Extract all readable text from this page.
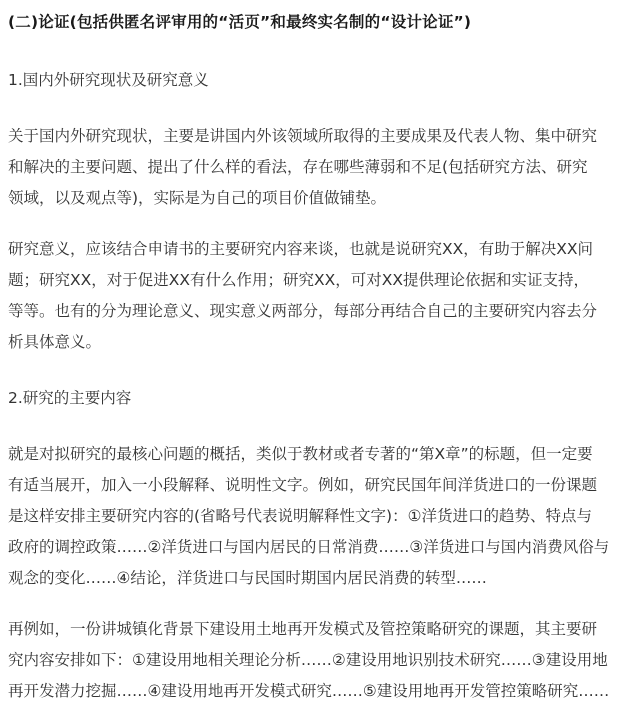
(二)论证(包括供匿名评审用的“活页”和最终实名制的“设计论证”)
1.国内外研究现状及研究意义
关于国内外研究现状，主要是讲国内外该领域所取得的主要成果及代表人物、集中研究
和解决的主要问题、提出了什么样的看法，存在哪些薄弱和不足(包括研究方法、研究
领域，以及观点等)，实际是为自己的项目价值做铺垫。
研究意义，应该结合申请书的主要研究内容来谈，也就是说研究XX，有助于解决XX问
题；研究XX，对于促进XX有什么作用；研究XX，可对XX提供理论依据和实证支持，
等等。也有的分为理论意义、现实意义两部分，每部分再结合自己的主要研究内容去分
析具体意义。
2.研究的主要内容
就是对拟研究的最核心问题的概括，类似于教材或者专著的“第X章”的标题，但一定要
有适当展开，加入一小段解释、说明性文字。例如，研究民国年间洋货进口的一份课题
是这样安排主要研究内容的(省略号代表说明解释性文字)：①洋货进口的趋势、特点与
政府的调控政策……②洋货进口与国内居民的日常消费……③洋货进口与国内消费风俗与
观念的变化……④结论，洋货进口与民国时期国内居民消费的转型……
再例如，一份讲城镇化背景下建设用土地再开发模式及管控策略研究的课题，其主要研
究内容安排如下：①建设用地相关理论分析……②建设用地识别技术研究……③建设用地
再开发潜力挖掘……④建设用地再开发模式研究……⑤建设用地再开发管控策略研究……
